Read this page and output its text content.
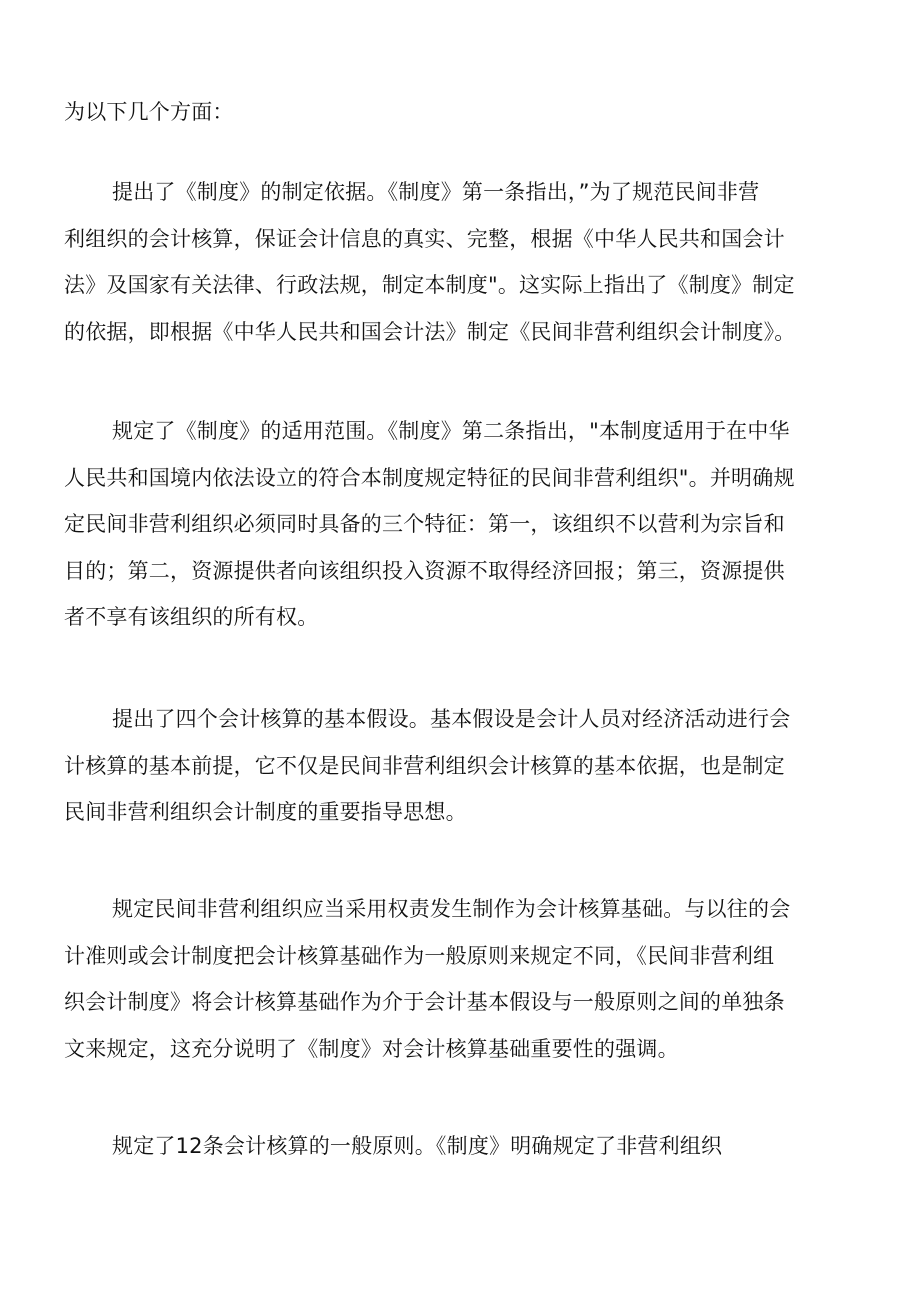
为以下几个方面：
提出了《制度》的制定依据。《制度》第一条指出，”为了规范民间非营
利组织的会计核算，保证会计信息的真实、完整，根据《中华人民共和国会计
法》及国家有关法律、行政法规，制定本制度"。这实际上指出了《制度》制定
的依据，即根据《中华人民共和国会计法》制定《民间非营利组织会计制度》。
规定了《制度》的适用范围。《制度》第二条指出，"本制度适用于在中华
人民共和国境内依法设立的符合本制度规定特征的民间非营利组织"。并明确规
定民间非营利组织必须同时具备的三个特征：第一，该组织不以营利为宗旨和
目的；第二，资源提供者向该组织投入资源不取得经济回报；第三，资源提供
者不享有该组织的所有权。
提出了四个会计核算的基本假设。基本假设是会计人员对经济活动进行会
计核算的基本前提，它不仅是民间非营利组织会计核算的基本依据，也是制定
民间非营利组织会计制度的重要指导思想。
规定民间非营利组织应当采用权责发生制作为会计核算基础。与以往的会
计准则或会计制度把会计核算基础作为一般原则来规定不同，《民间非营利组
织会计制度》将会计核算基础作为介于会计基本假设与一般原则之间的单独条
文来规定，这充分说明了《制度》对会计核算基础重要性的强调。
规定了12条会计核算的一般原则。《制度》明确规定了非营利组织
